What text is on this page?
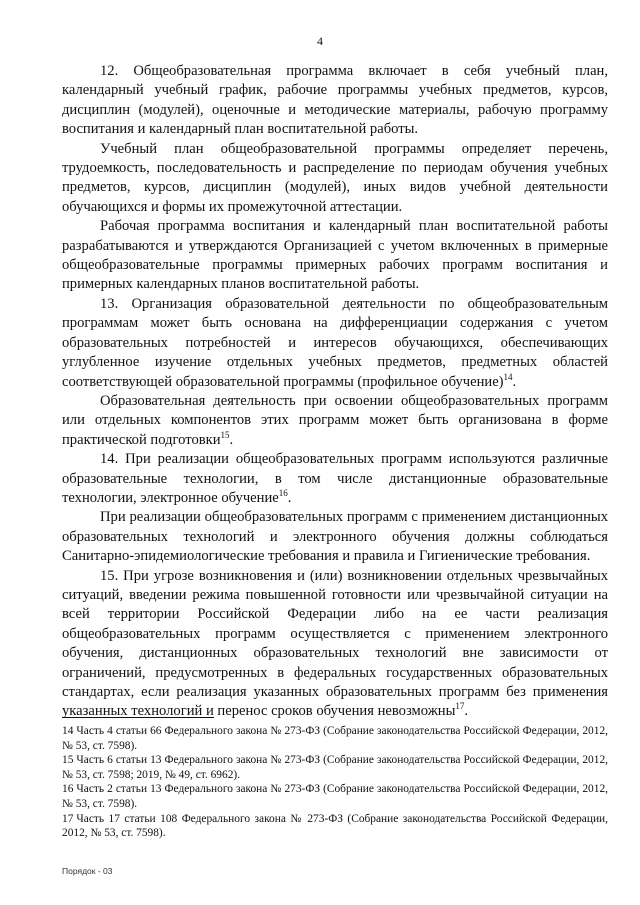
4

12. Общеобразовательная программа включает в себя учебный план, календарный учебный график, рабочие программы учебных предметов, курсов, дисциплин (модулей), оценочные и методические материалы, рабочую программу воспитания и календарный план воспитательной работы.

Учебный план общеобразовательной программы определяет перечень, трудоемкость, последовательность и распределение по периодам обучения учебных предметов, курсов, дисциплин (модулей), иных видов учебной деятельности обучающихся и формы их промежуточной аттестации.

Рабочая программа воспитания и календарный план воспитательной работы разрабатываются и утверждаются Организацией с учетом включенных в примерные общеобразовательные программы примерных рабочих программ воспитания и примерных календарных планов воспитательной работы.

13. Организация образовательной деятельности по общеобразовательным программам может быть основана на дифференциации содержания с учетом образовательных потребностей и интересов обучающихся, обеспечивающих углубленное изучение отдельных учебных предметов, предметных областей соответствующей образовательной программы (профильное обучение)$^{14}$.

Образовательная деятельность при освоении общеобразовательных программ или отдельных компонентов этих программ может быть организована в форме практической подготовки$^{15}$.

14. При реализации общеобразовательных программ используются различные образовательные технологии, в том числе дистанционные образовательные технологии, электронное обучение$^{16}$.

При реализации общеобразовательных программ с применением дистанционных образовательных технологий и электронного обучения должны соблюдаться Санитарно-эпидемиологические требования и правила и Гигиенические требования.

15. При угрозе возникновения и (или) возникновении отдельных чрезвычайных ситуаций, введении режима повышенной готовности или чрезвычайной ситуации на всей территории Российской Федерации либо на ее части реализация общеобразовательных программ осуществляется с применением электронного обучения, дистанционных образовательных технологий вне зависимости от ограничений, предусмотренных в федеральных государственных образовательных стандартах, если реализация указанных образовательных программ без применения указанных технологий и перенос сроков обучения невозможны$^{17}$.

14 Часть 4 статьи 66 Федерального закона № 273-ФЗ (Собрание законодательства Российской Федерации, 2012, № 53, ст. 7598).

15 Часть 6 статьи 13 Федерального закона № 273-ФЗ (Собрание законодательства Российской Федерации, 2012, № 53, ст. 7598; 2019, № 49, ст. 6962).

16 Часть 2 статьи 13 Федерального закона № 273-ФЗ (Собрание законодательства Российской Федерации, 2012, № 53, ст. 7598).

17 Часть 17 статьи 108 Федерального закона № 273-ФЗ (Собрание законодательства Российской Федерации, 2012, № 53, ст. 7598).

Порядок - 03
